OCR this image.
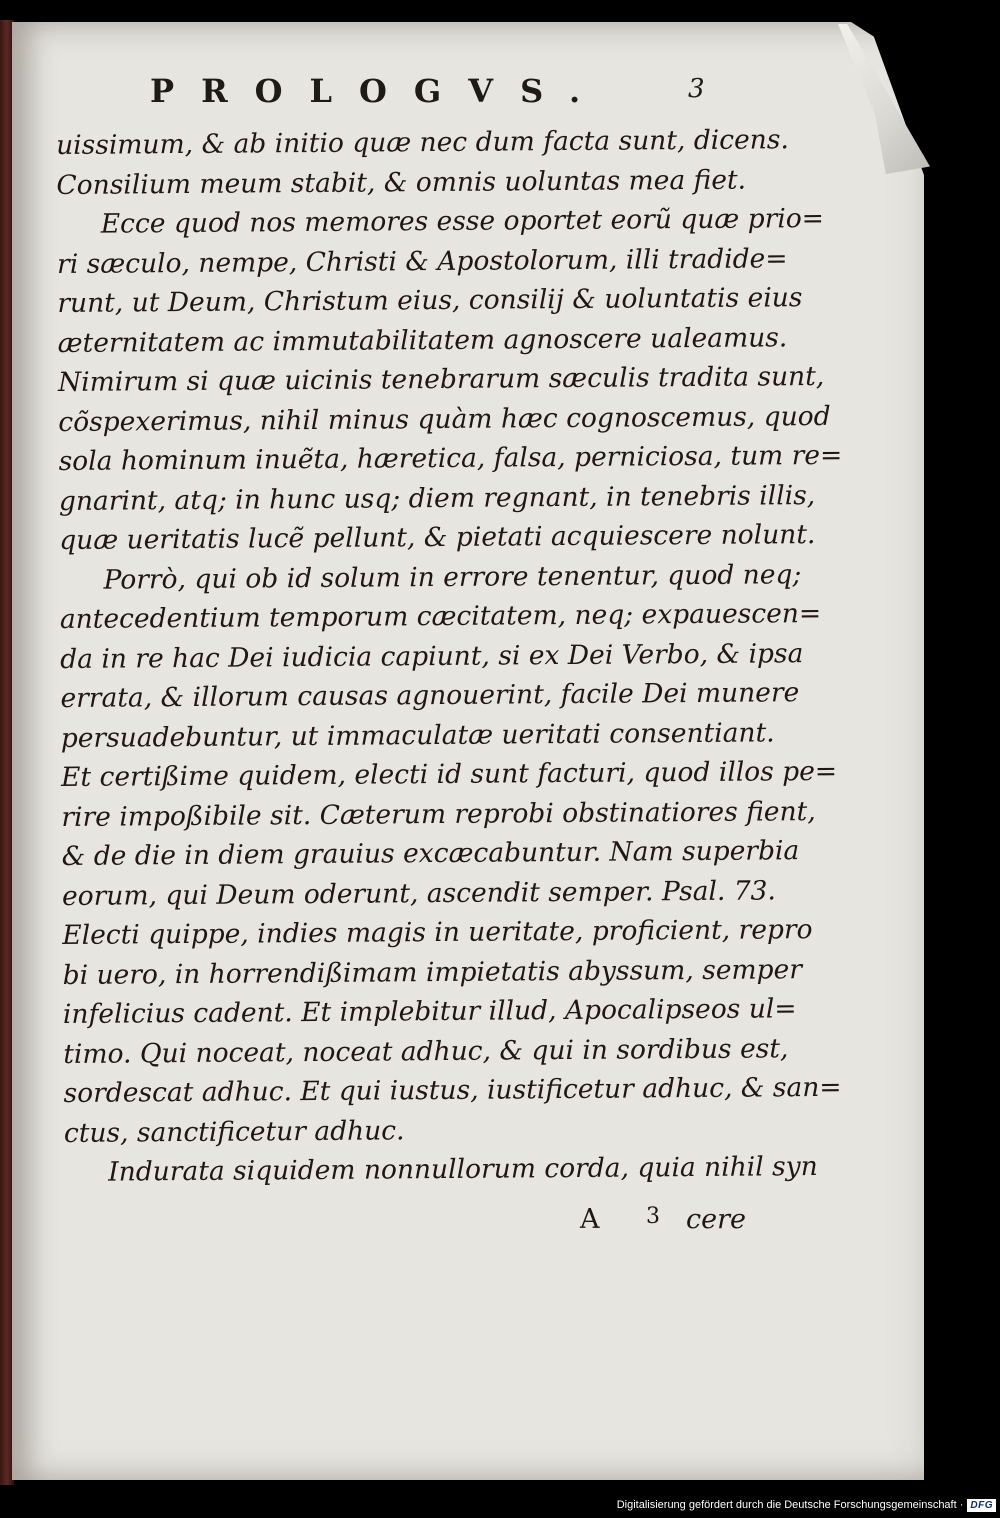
PROLOGVS.	3
uissimum, & ab initio quæ nec dum facta sunt, dicens.
Consilium meum stabit, & omnis uoluntas mea fiet.
Ecce quod nos memores esse oportet eorũ quæ prio=
ri sæculo, nempe, Christi & Apostolorum, illi tradide=
runt, ut Deum, Christum eius, consilij & uoluntatis eius
æternitatem ac immutabilitatem agnoscere ualeamus.
Nimirum si quæ uicinis tenebrarum sæculis tradita sunt,
cõspexerimus, nihil minus quàm hæc cognoscemus, quod
sola hominum inuẽta, hæretica, falsa, perniciosa, tum re=
gnarint, atq; in hunc usq; diem regnant, in tenebris illis,
quæ ueritatis lucẽ pellunt, & pietati acquiescere nolunt.
Porrò, qui ob id solum in errore tenentur, quod neq;
antecedentium temporum cæcitatem, neq; expauescen=
da in re hac Dei iudicia capiunt, si ex Dei Verbo, & ipsa
errata, & illorum causas agnouerint, facile Dei munere
persuadebuntur, ut immaculatæ ueritati consentiant.
Et certißime quidem, electi id sunt facturi, quod illos pe=
rire impoßibile sit. Cæterum reprobi obstinatiores fient,
& de die in diem grauius excæcabuntur. Nam superbia
eorum, qui Deum oderunt, ascendit semper. Psal. 73.
Electi quippe, indies magis in ueritate, proficient, repro
bi uero, in horrendißimam impietatis abyssum, semper
infelicius cadent. Et implebitur illud, Apocalipseos ul=
timo. Qui noceat, noceat adhuc, & qui in sordibus est,
sordescat adhuc. Et qui iustus, iustificetur adhuc, & san=
ctus, sanctificetur adhuc.
Indurata siquidem nonnullorum corda, quia nihil syn
A 3 cere
Digitalisierung gefördert durch die Deutsche Forschungsgemeinschaft · DFG
